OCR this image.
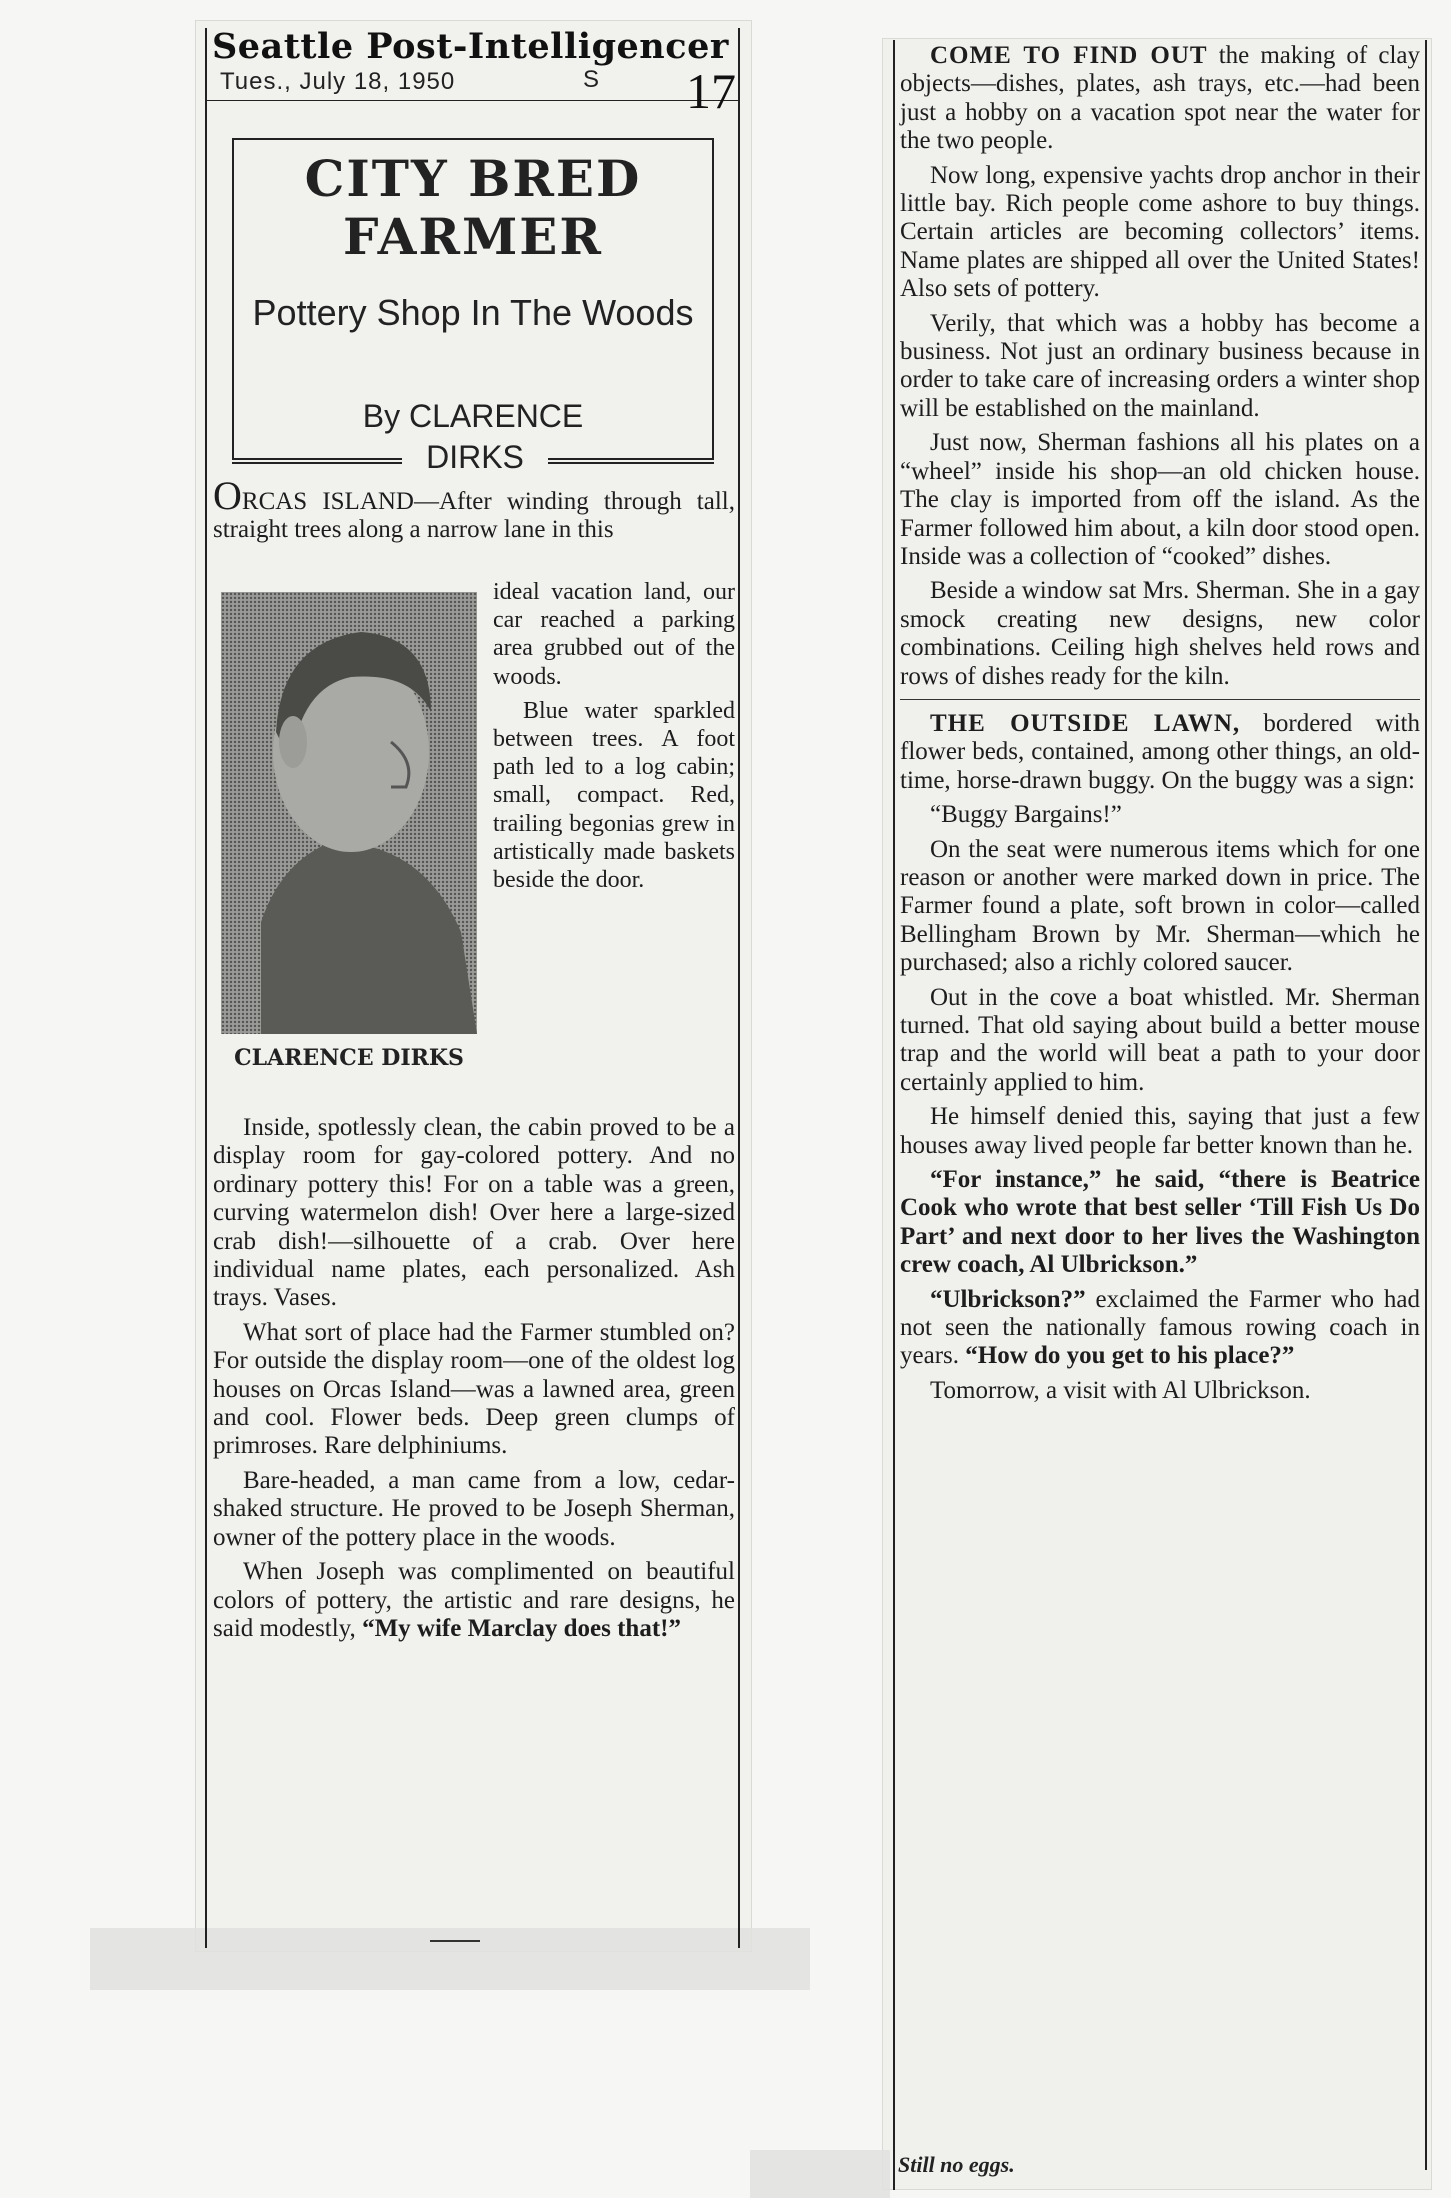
Seattle Post-Intelligencer
Tues., July 18, 1950	S 17
CITY BRED FARMER
Pottery Shop In The Woods
By CLARENCE
DIRKS
ORCAS ISLAND—After winding through tall, straight trees along a narrow lane in this
CLARENCE DIRKS

ideal vacation land, our car reached a parking area grubbed out of the woods.

Blue water sparkled between trees. A foot path led to a log cabin; small, compact. Red, trailing begonias grew in artistically made baskets beside the door.

Inside, spotlessly clean, the cabin proved to be a display room for gay-colored pottery. And no ordinary pottery this! For on a table was a green, curving watermelon dish! Over here a large-sized crab dish!—silhouette of a crab. Over here individual name plates, each personalized. Ash trays. Vases.

What sort of place had the Farmer stumbled on? For outside the display room—one of the oldest log houses on Orcas Island—was a lawned area, green and cool. Flower beds. Deep green clumps of primroses. Rare delphiniums.

Bare-headed, a man came from a low, cedar-shaked structure. He proved to be Joseph Sherman, owner of the pottery place in the woods.

When Joseph was complimented on beautiful colors of pottery, the artistic and rare designs, he said modestly, “My wife Marclay does that!”

COME TO FIND OUT the making of clay objects—dishes, plates, ash trays, etc.—had been just a hobby on a vacation spot near the water for the two people.

Now long, expensive yachts drop anchor in their little bay. Rich people come ashore to buy things. Certain articles are becoming collectors’ items. Name plates are shipped all over the United States! Also sets of pottery.

Verily, that which was a hobby has become a business. Not just an ordinary business because in order to take care of increasing orders a winter shop will be established on the mainland.

Just now, Sherman fashions all his plates on a “wheel” inside his shop—an old chicken house. The clay is imported from off the island. As the Farmer followed him about, a kiln door stood open. Inside was a collection of “cooked” dishes.

Beside a window sat Mrs. Sherman. She in a gay smock creating new designs, new color combinations. Ceiling high shelves held rows and rows of dishes ready for the kiln.

THE OUTSIDE LAWN, bordered with flower beds, contained, among other things, an old-time, horse-drawn buggy. On the buggy was a sign:

“Buggy Bargains!”

On the seat were numerous items which for one reason or another were marked down in price. The Farmer found a plate, soft brown in color—called Bellingham Brown by Mr. Sherman—which he purchased; also a richly colored saucer.

Out in the cove a boat whistled. Mr. Sherman turned. That old saying about build a better mouse trap and the world will beat a path to your door certainly applied to him.

He himself denied this, saying that just a few houses away lived people far better known than he.

“For instance,” he said, “there is Beatrice Cook who wrote that best seller ‘Till Fish Us Do Part’ and next door to her lives the Washington crew coach, Al Ulbrickson.”

“Ulbrickson?” exclaimed the Farmer who had not seen the nationally famous rowing coach in years. “How do you get to his place?”

Tomorrow, a visit with Al Ulbrickson.

Still no eggs.
